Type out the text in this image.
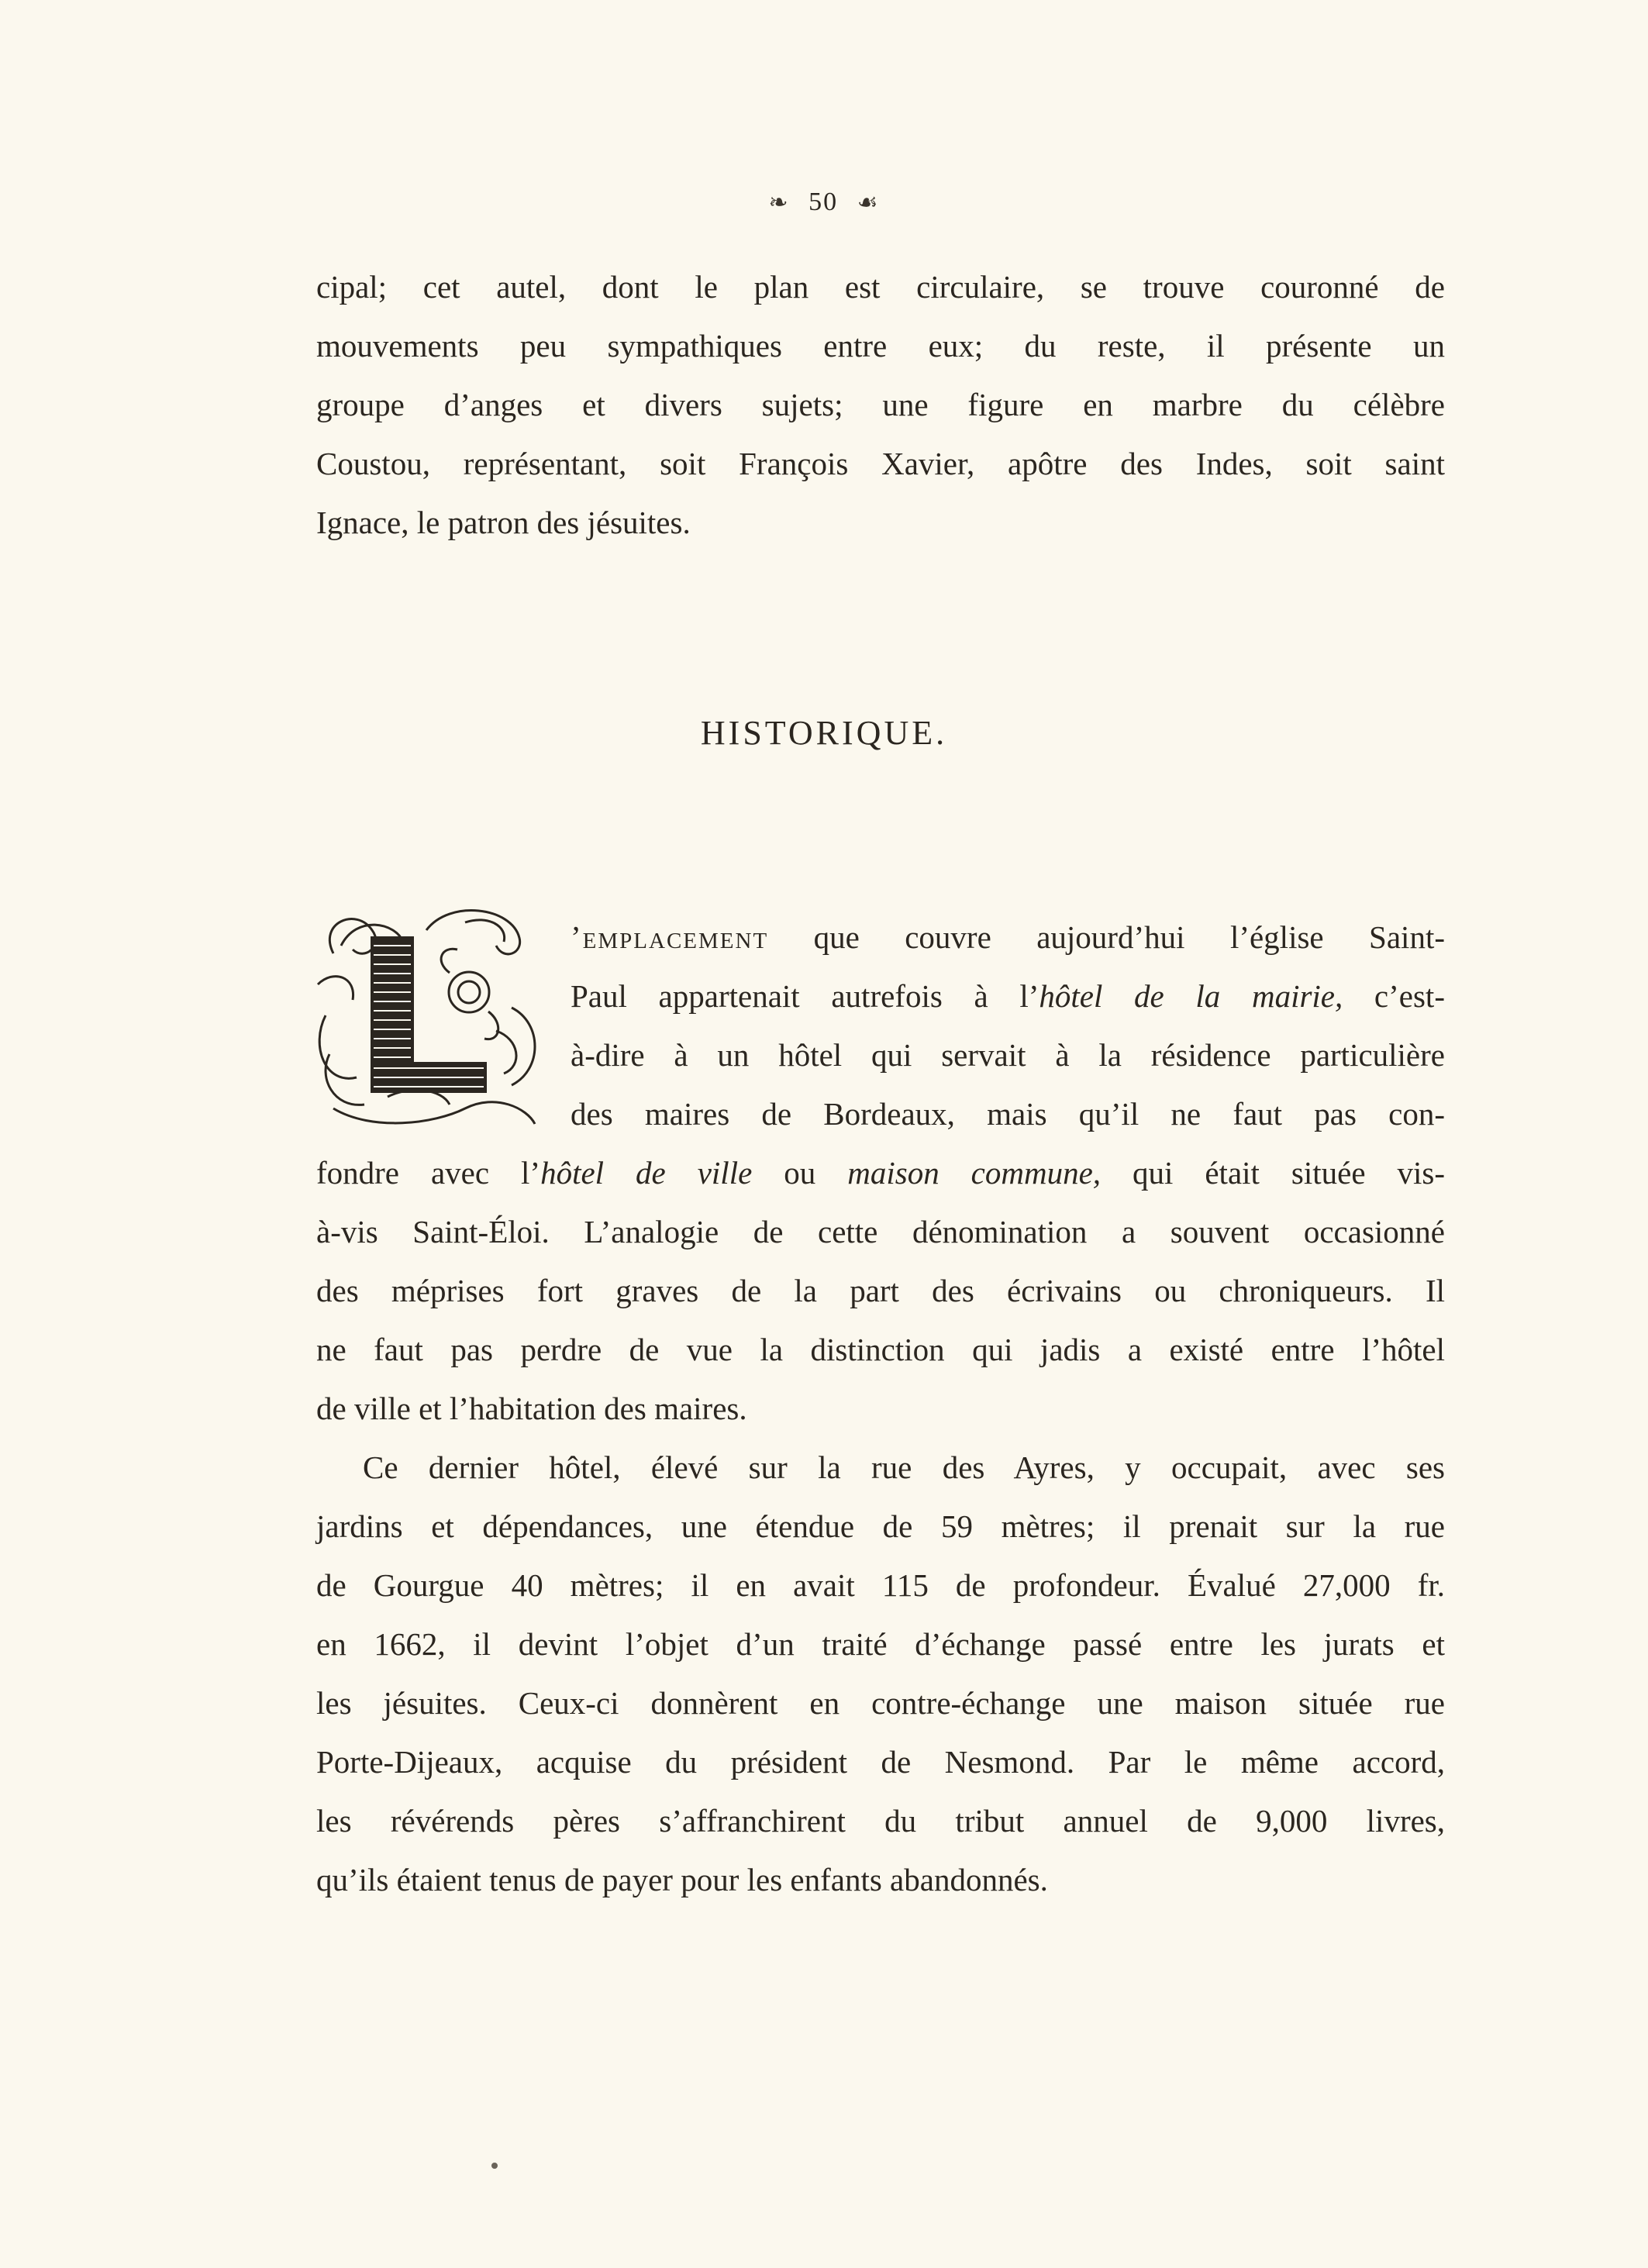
❧ 50 ☙
cipal; cet autel, dont le plan est circulaire, se trouve couronné de
mouvements peu sympathiques entre eux; du reste, il présente un
groupe d’anges et divers sujets; une figure en marbre du célèbre
Coustou, représentant, soit François Xavier, apôtre des Indes, soit saint
Ignace, le patron des jésuites.
HISTORIQUE.
L
’emplacement que couvre aujourd’hui l’église Saint-
Paul appartenait autrefois à l’hôtel de la mairie, c’est-
à-dire à un hôtel qui servait à la résidence particulière
des maires de Bordeaux, mais qu’il ne faut pas con-
fondre avec l’hôtel de ville ou maison commune, qui était située vis-
à-vis Saint-Éloi. L’analogie de cette dénomination a souvent occasionné
des méprises fort graves de la part des écrivains ou chroniqueurs. Il
ne faut pas perdre de vue la distinction qui jadis a existé entre l’hôtel
de ville et l’habitation des maires.
Ce dernier hôtel, élevé sur la rue des Ayres, y occupait, avec ses
jardins et dépendances, une étendue de 59 mètres; il prenait sur la rue
de Gourgue 40 mètres; il en avait 115 de profondeur. Évalué 27,000 fr.
en 1662, il devint l’objet d’un traité d’échange passé entre les jurats et
les jésuites. Ceux-ci donnèrent en contre-échange une maison située rue
Porte-Dijeaux, acquise du président de Nesmond. Par le même accord,
les révérends pères s’affranchirent du tribut annuel de 9,000 livres,
qu’ils étaient tenus de payer pour les enfants abandonnés.
